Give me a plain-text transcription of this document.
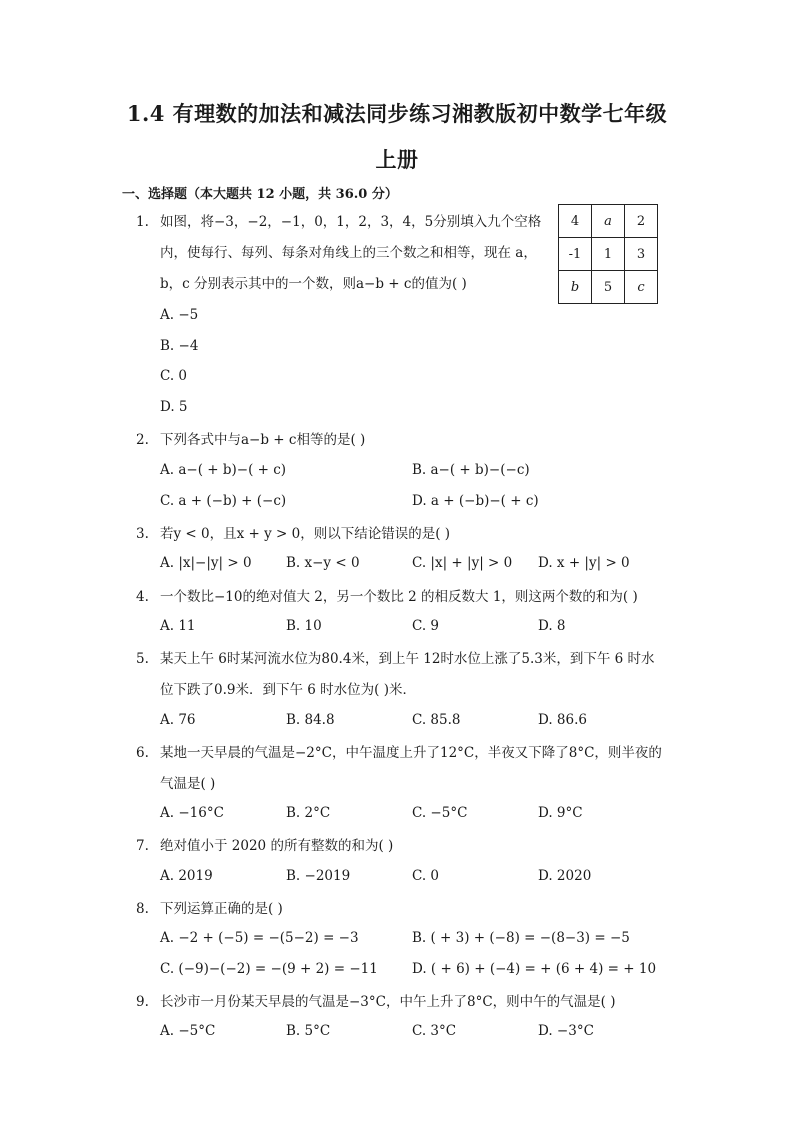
1.4 有理数的加法和减法同步练习湘教版初中数学七年级
上册
一、选择题（本大题共 12 小题，共 36.0 分）
4	a	2
-1	1	3
b	5	c
1. 如图，将−3，−2，−1，0，1，2，3，4，5分别填入九个空格
内，使每行、每列、每条对角线上的三个数之和相等，现在 a，
b，c 分别表示其中的一个数，则a−b + c的值为( )
A. −5
B. −4
C. 0
D. 5
2. 下列各式中与a−b + c相等的是( )
A. a−( + b)−( + c)	B. a−( + b)−(−c)
C. a + (−b) + (−c)	D. a + (−b)−( + c)
3. 若y < 0，且x + y > 0，则以下结论错误的是( )
A. |x|−|y| > 0	B. x−y < 0	C. |x| + |y| > 0 D. x + |y| > 0
4. 一个数比−10的绝对值大 2，另一个数比 2 的相反数大 1，则这两个数的和为( )
A. 11	B. 10	C. 9	D. 8
5. 某天上午 6时某河流水位为80.4米，到上午 12时水位上涨了5.3米，到下午 6 时水
位下跌了0.9米．到下午 6 时水位为( )米．
A. 76	B. 84.8	C. 85.8	D. 86.6
6. 某地一天早晨的气温是−2°C，中午温度上升了12°C，半夜又下降了8°C，则半夜的
气温是( )
A. −16°C	B. 2°C	C. −5°C	D. 9°C
7. 绝对值小于 2020 的所有整数的和为( )
A. 2019	B. −2019	C. 0	D. 2020
8. 下列运算正确的是( )
A. −2 + (−5) = −(5−2) = −3	B. ( + 3) + (−8) = −(8−3) = −5
C. (−9)−(−2) = −(9 + 2) = −11	D. ( + 6) + (−4) = + (6 + 4) = + 10
9. 长沙市一月份某天早晨的气温是−3°C，中午上升了8°C，则中午的气温是( )
A. −5°C	B. 5°C	C. 3°C	D. −3°C
